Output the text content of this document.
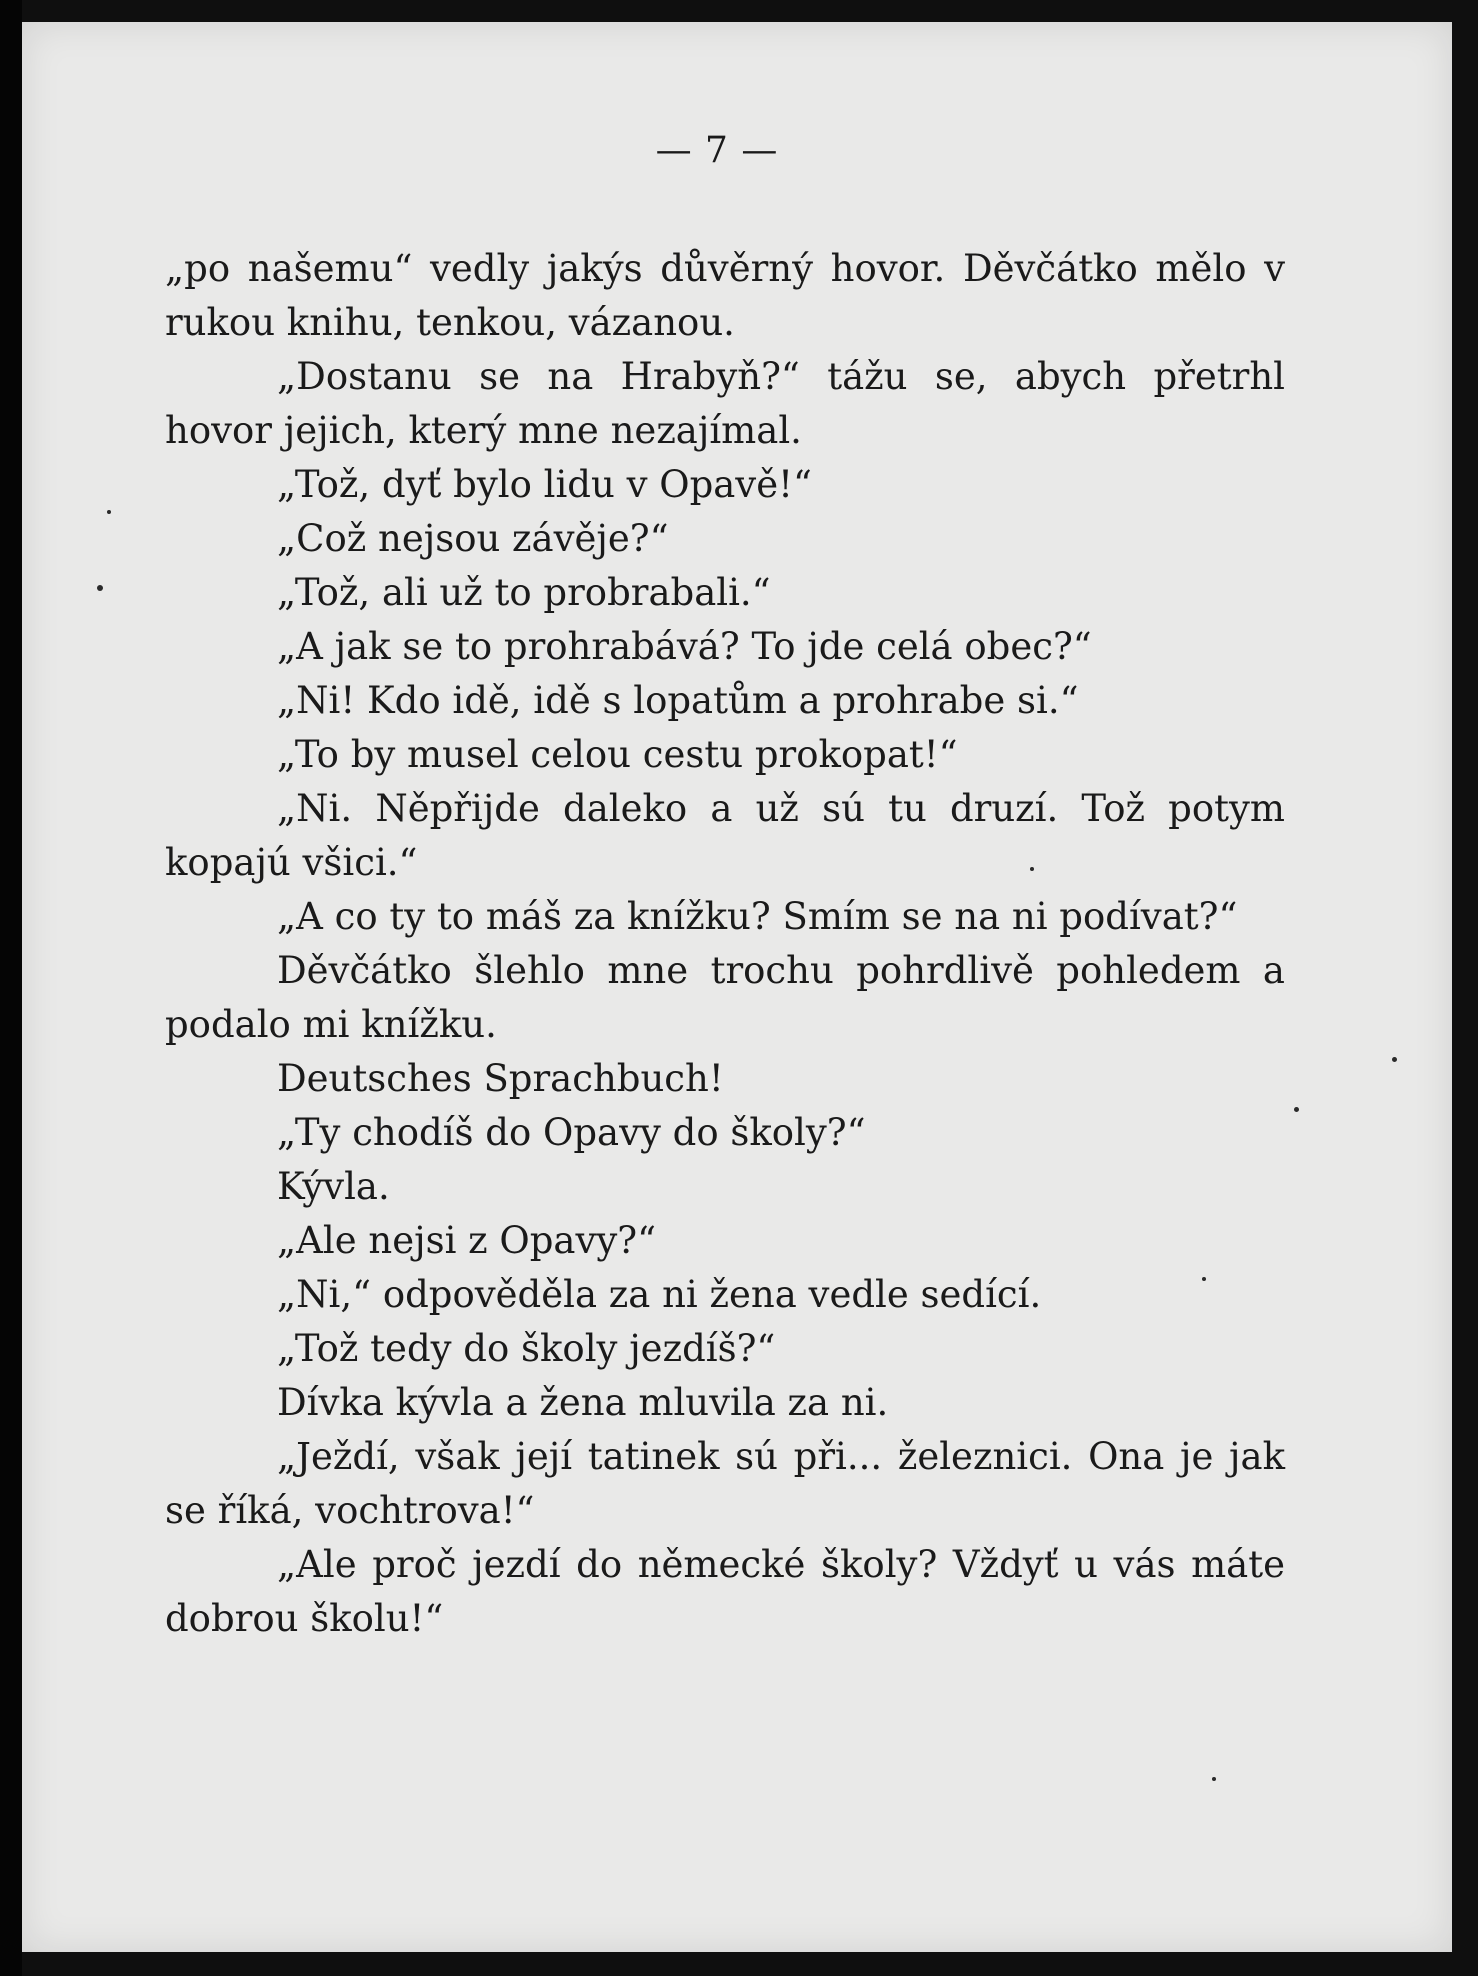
— 7 —

„po našemu“ vedly jakýs důvěrný hovor. Děvčátko mělo v rukou knihu, tenkou, vázanou.

„Dostanu se na Hrabyň?“ tážu se, abych přetrhl hovor jejich, který mne nezajímal.

„Tož, dyť bylo lidu v Opavě!“

„Což nejsou závěje?“

„Tož, ali už to probrabali.“

„A jak se to prohrabává? To jde celá obec?“

„Ni! Kdo idě, idě s lopatům a prohrabe si.“

„To by musel celou cestu prokopat!“

„Ni. Něpřijde daleko a už sú tu druzí. Tož potym kopajú všici.“

„A co ty to máš za knížku? Smím se na ni podívat?“

Děvčátko šlehlo mne trochu pohrdlivě pohledem a podalo mi knížku.

Deutsches Sprachbuch!

„Ty chodíš do Opavy do školy?“

Kývla.

„Ale nejsi z Opavy?“

„Ni,“ odpověděla za ni žena vedle sedící.

„Tož tedy do školy jezdíš?“

Dívka kývla a žena mluvila za ni.

„Ježdí, však její tatinek sú při... železnici. Ona je jak se říká, vochtrova!“

„Ale proč jezdí do německé školy? Vždyť u vás máte dobrou školu!“
